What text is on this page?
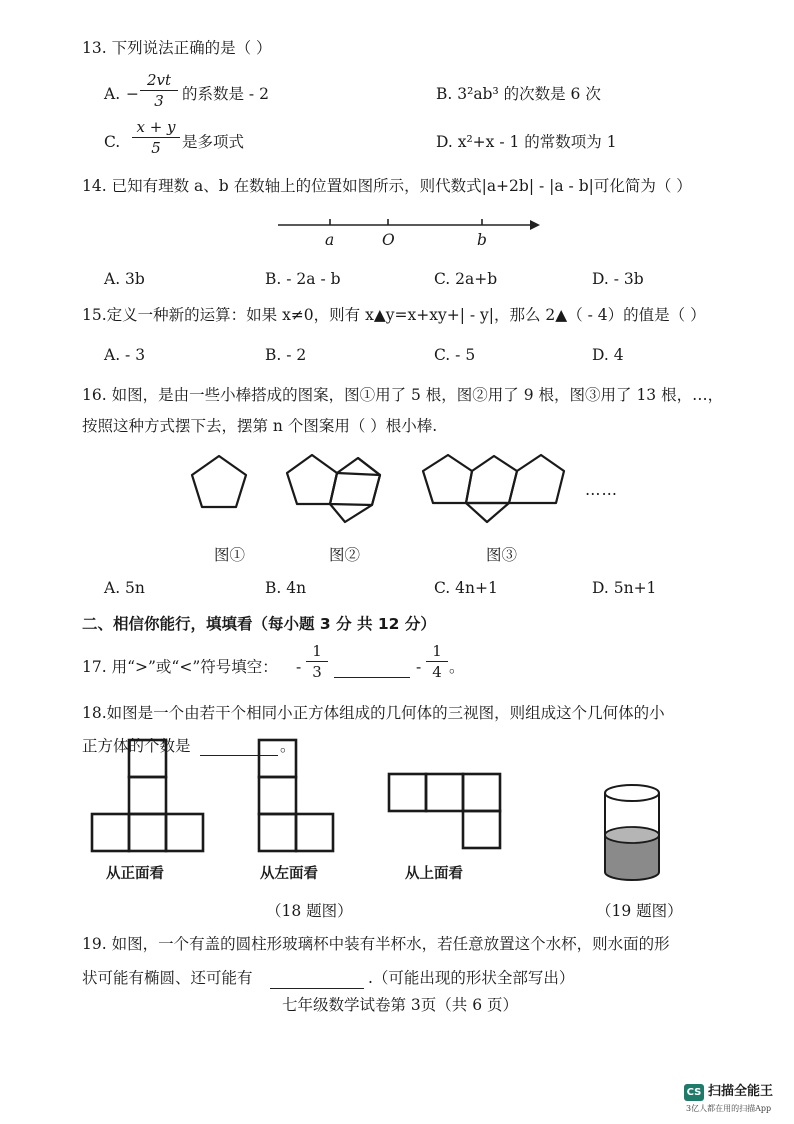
13. 下列说法正确的是（ ）
A. −
2vt
3	的系数是 - 2	B. 3²ab³ 的次数是 6 次
C.
x + y
5	是多项式	D. x²+x - 1 的常数项为 1
14. 已知有理数 a、b 在数轴上的位置如图所示，则代数式|a+2b| - |a - b|可化简为（ ）
a	O	b
A. 3b	B. - 2a - b	C. 2a+b	D. - 3b
15.定义一种新的运算：如果 x≠0，则有 x▲y=x+xy+| - y|，那么 2▲（ - 4）的值是（ ）
A. - 3	B. - 2	C. - 5	D. 4
16. 如图，是由一些小棒搭成的图案，图①用了 5 根，图②用了 9 根，图③用了 13 根，…，
按照这种方式摆下去，摆第 n 个图案用（ ）根小棒.
……
图①	图②	图③
A. 5n	B. 4n	C. 4n+1	D. 5n+1
二、相信你能行，填填看（每小题 3 分 共 12 分）
17. 用“>”或“<”符号填空： -
1
3	-
1
4 。
18.如图是一个由若干个相同小正方体组成的几何体的三视图，则组成这个几何体的小
正方体的个数是	。
从正面看	从左面看	从上面看
（18 题图）	（19 题图）
19. 如图，一个有盖的圆柱形玻璃杯中装有半杯水，若任意放置这个水杯，则水面的形
状可能有椭圆、还可能有	.（可能出现的形状全部写出）
七年级数学试卷第 3页（共 6 页）
CS 扫描全能王
3亿人都在用的扫描App
